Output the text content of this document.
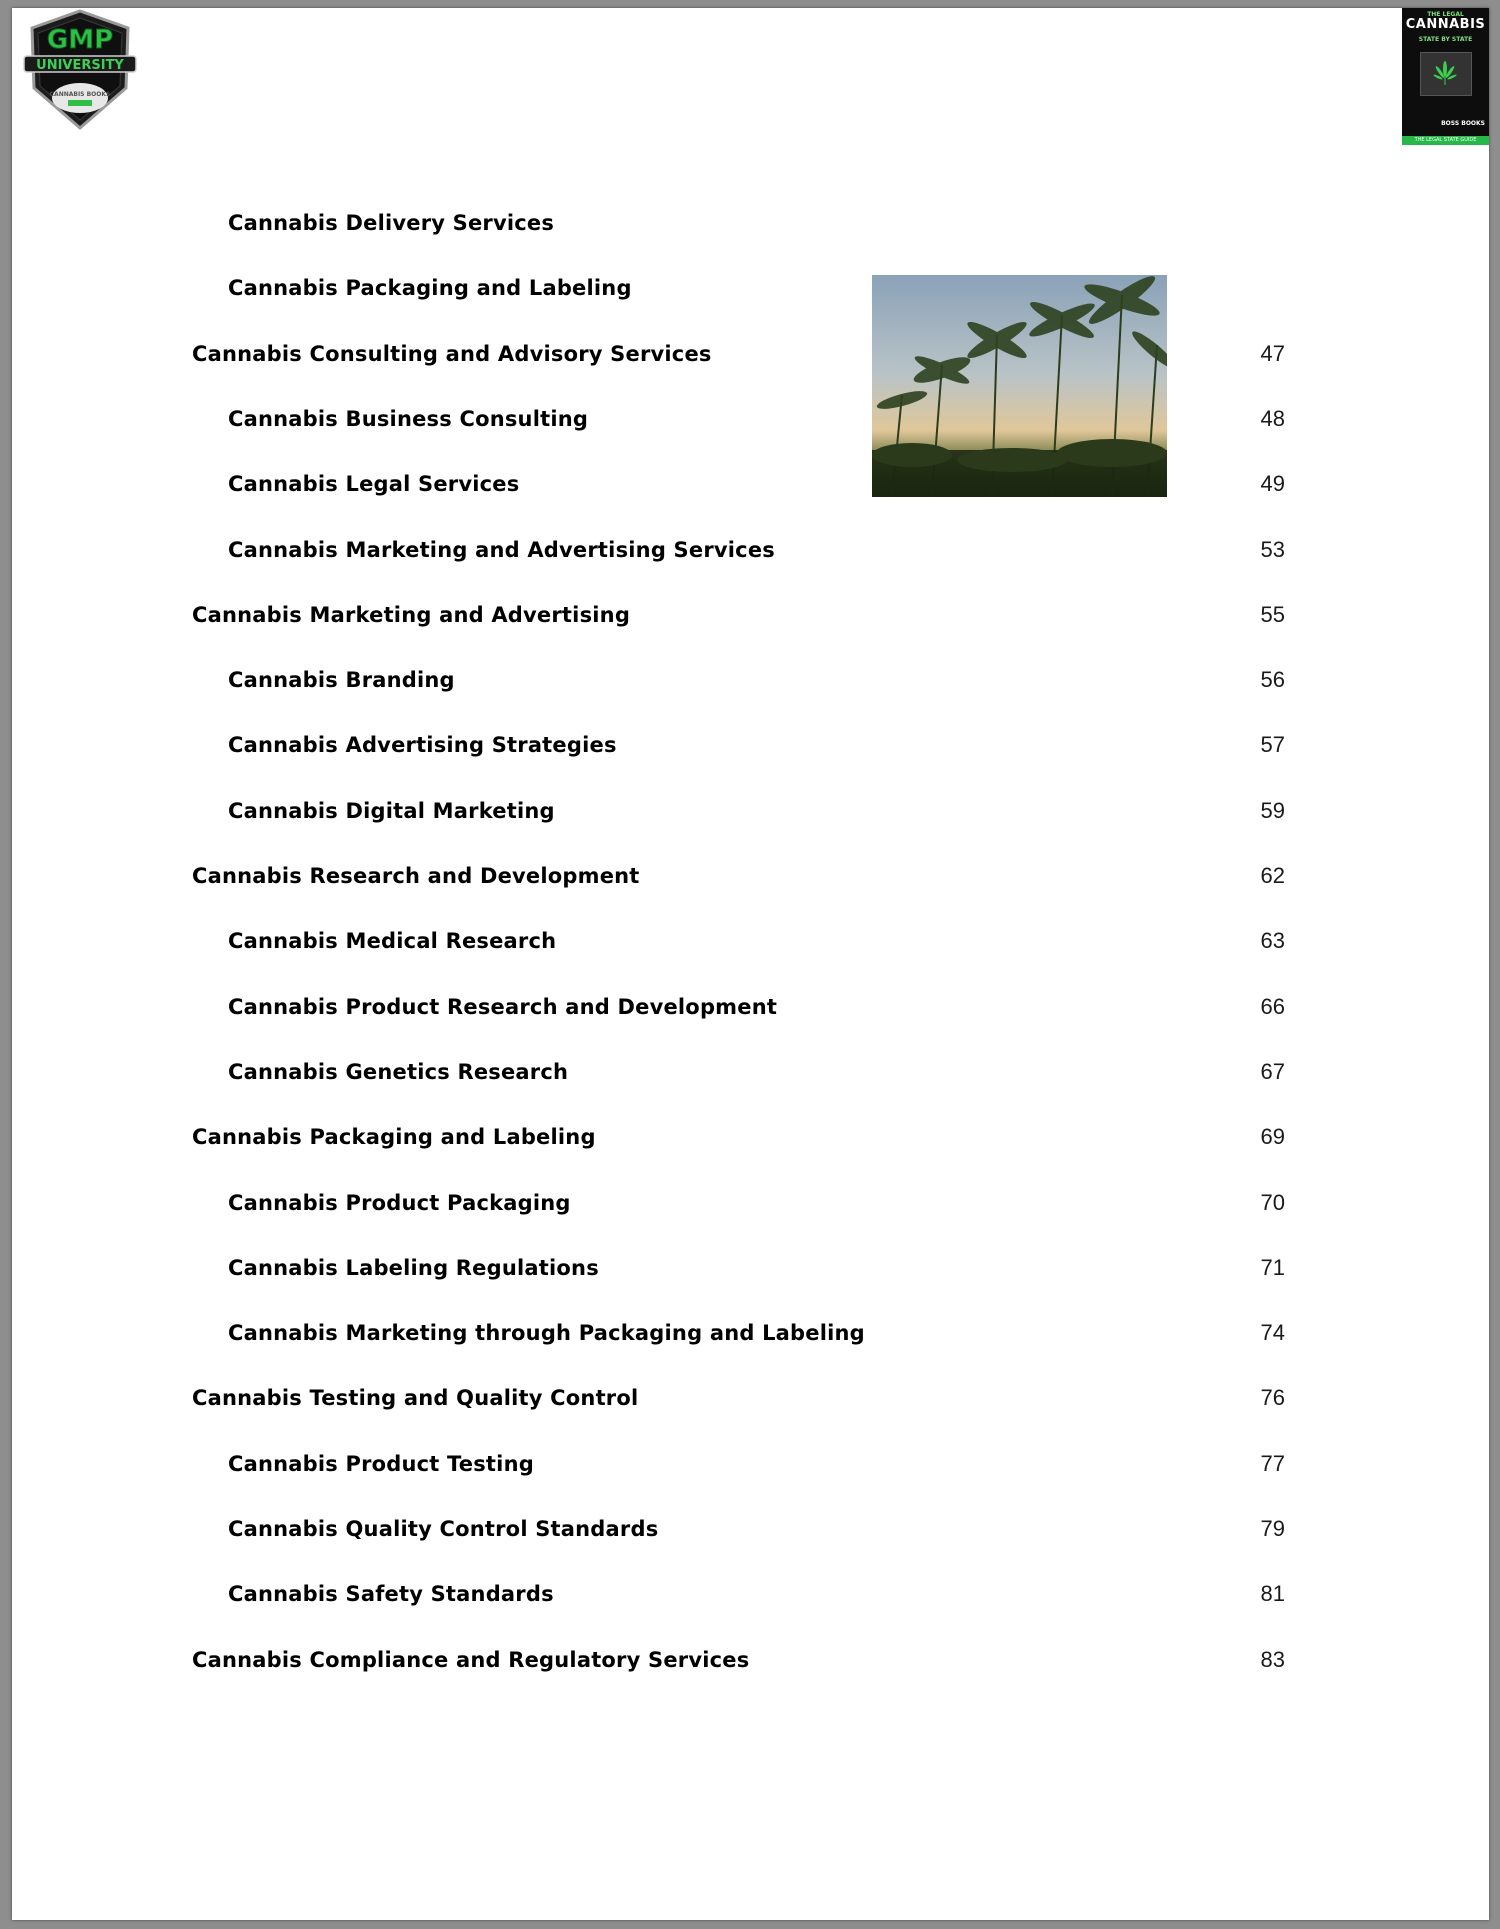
GMP
UNIVERSITY
CANNABIS BOOKS
THE LEGAL
CANNABIS
STATE BY STATE
BOSS BOOKS
THE LEGAL STATE GUIDE
Cannabis Delivery Services
Cannabis Packaging and Labeling
Cannabis Consulting and Advisory Services	47
Cannabis Business Consulting	48
Cannabis Legal Services	49
Cannabis Marketing and Advertising Services	53
Cannabis Marketing and Advertising	55
Cannabis Branding	56
Cannabis Advertising Strategies	57
Cannabis Digital Marketing	59
Cannabis Research and Development	62
Cannabis Medical Research	63
Cannabis Product Research and Development	66
Cannabis Genetics Research	67
Cannabis Packaging and Labeling	69
Cannabis Product Packaging	70
Cannabis Labeling Regulations	71
Cannabis Marketing through Packaging and Labeling	74
Cannabis Testing and Quality Control	76
Cannabis Product Testing	77
Cannabis Quality Control Standards	79
Cannabis Safety Standards	81
Cannabis Compliance and Regulatory Services	83
